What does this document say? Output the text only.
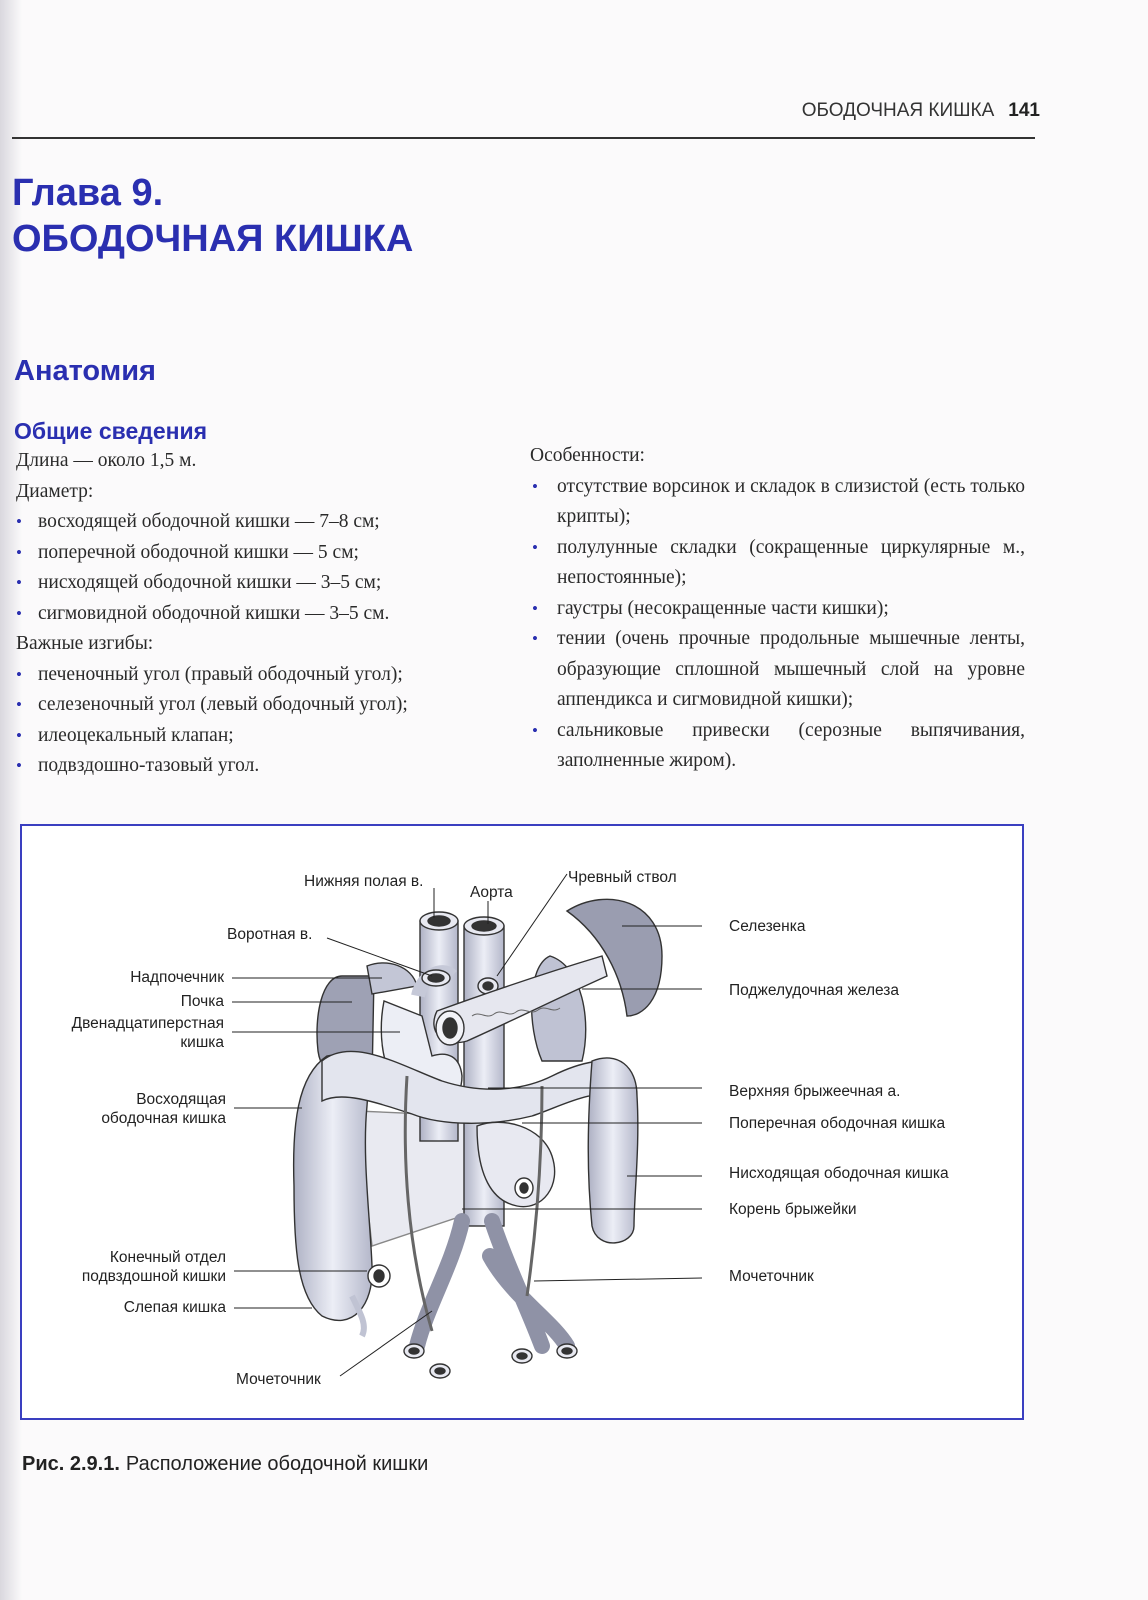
ОБОДОЧНАЯ КИШКА 141
Глава 9.
ОБОДОЧНАЯ КИШКА
Анатомия
Общие сведения

Длина — около 1,5 м.

Диаметр:

• восходящей ободочной кишки — 7–8 см;
• поперечной ободочной кишки — 5 см;
• нисходящей ободочной кишки — 3–5 см;
• сигмовидной ободочной кишки — 3–5 см.

Важные изгибы:

• печеночный угол (правый ободочный угол);
• селезеночный угол (левый ободочный угол);
• илеоцекальный клапан;
• подвздошно-тазовый угол.

Особенности:

• отсутствие ворсинок и складок в слизистой (есть только крипты);
• полулунные складки (сокращенные циркулярные м., непостоянные);
• гаустры (несокращенные части кишки);
• тении (очень прочные продольные мышечные ленты, образующие сплошной мышечный слой на уровне аппендикса и сигмовидной кишки);
• сальниковые привески (серозные выпячивания, заполненные жиром).
Нижняя полая в.
Аорта
Чревный ствол
Селезенка
Воротная в.
Надпочечник
Почка
Двенадцатиперстная
кишка
Поджелудочная железа
Восходящая
ободочная кишка
Верхняя брыжеечная а.
Поперечная ободочная кишка
Нисходящая ободочная кишка
Корень брыжейки
Конечный отдел
подвздошной кишки
Слепая кишка
Мочеточник
Мочеточник
Рис. 2.9.1. Расположение ободочной кишки
